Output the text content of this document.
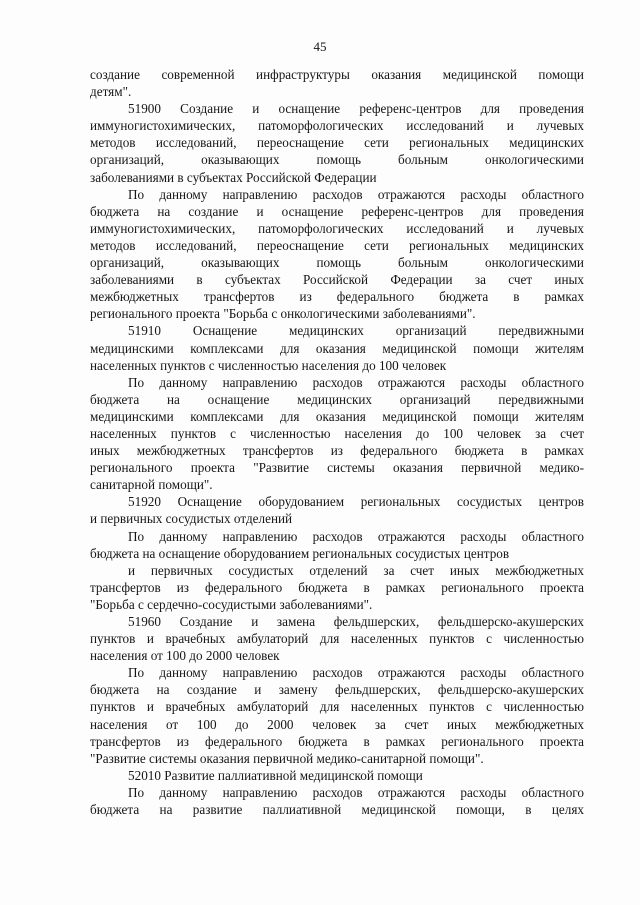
45
создание современной инфраструктуры оказания медицинской помощи
детям".
51900 Создание и оснащение референс-центров для проведения
иммуногистохимических, патоморфологических исследований и лучевых
методов исследований, переоснащение сети региональных медицинских
организаций, оказывающих помощь больным онкологическими
заболеваниями в субъектах Российской Федерации
По данному направлению расходов отражаются расходы областного
бюджета на создание и оснащение референс-центров для проведения
иммуногистохимических, патоморфологических исследований и лучевых
методов исследований, переоснащение сети региональных медицинских
организаций, оказывающих помощь больным онкологическими
заболеваниями в субъектах Российской Федерации за счет иных
межбюджетных трансфертов из федерального бюджета в рамках
регионального проекта "Борьба с онкологическими заболеваниями".
51910 Оснащение медицинских организаций передвижными
медицинскими комплексами для оказания медицинской помощи жителям
населенных пунктов с численностью населения до 100 человек
По данному направлению расходов отражаются расходы областного
бюджета на оснащение медицинских организаций передвижными
медицинскими комплексами для оказания медицинской помощи жителям
населенных пунктов с численностью населения до 100 человек за счет
иных межбюджетных трансфертов из федерального бюджета в рамках
регионального проекта "Развитие системы оказания первичной медико-
санитарной помощи".
51920 Оснащение оборудованием региональных сосудистых центров
и первичных сосудистых отделений
По данному направлению расходов отражаются расходы областного
бюджета на оснащение оборудованием региональных сосудистых центров
и первичных сосудистых отделений за счет иных межбюджетных
трансфертов из федерального бюджета в рамках регионального проекта
"Борьба с сердечно-сосудистыми заболеваниями".
51960 Создание и замена фельдшерских, фельдшерско-акушерских
пунктов и врачебных амбулаторий для населенных пунктов с численностью
населения от 100 до 2000 человек
По данному направлению расходов отражаются расходы областного
бюджета на создание и замену фельдшерских, фельдшерско-акушерских
пунктов и врачебных амбулаторий для населенных пунктов с численностью
населения от 100 до 2000 человек за счет иных межбюджетных
трансфертов из федерального бюджета в рамках регионального проекта
"Развитие системы оказания первичной медико-санитарной помощи".
52010 Развитие паллиативной медицинской помощи
По данному направлению расходов отражаются расходы областного
бюджета на развитие паллиативной медицинской помощи, в целях
